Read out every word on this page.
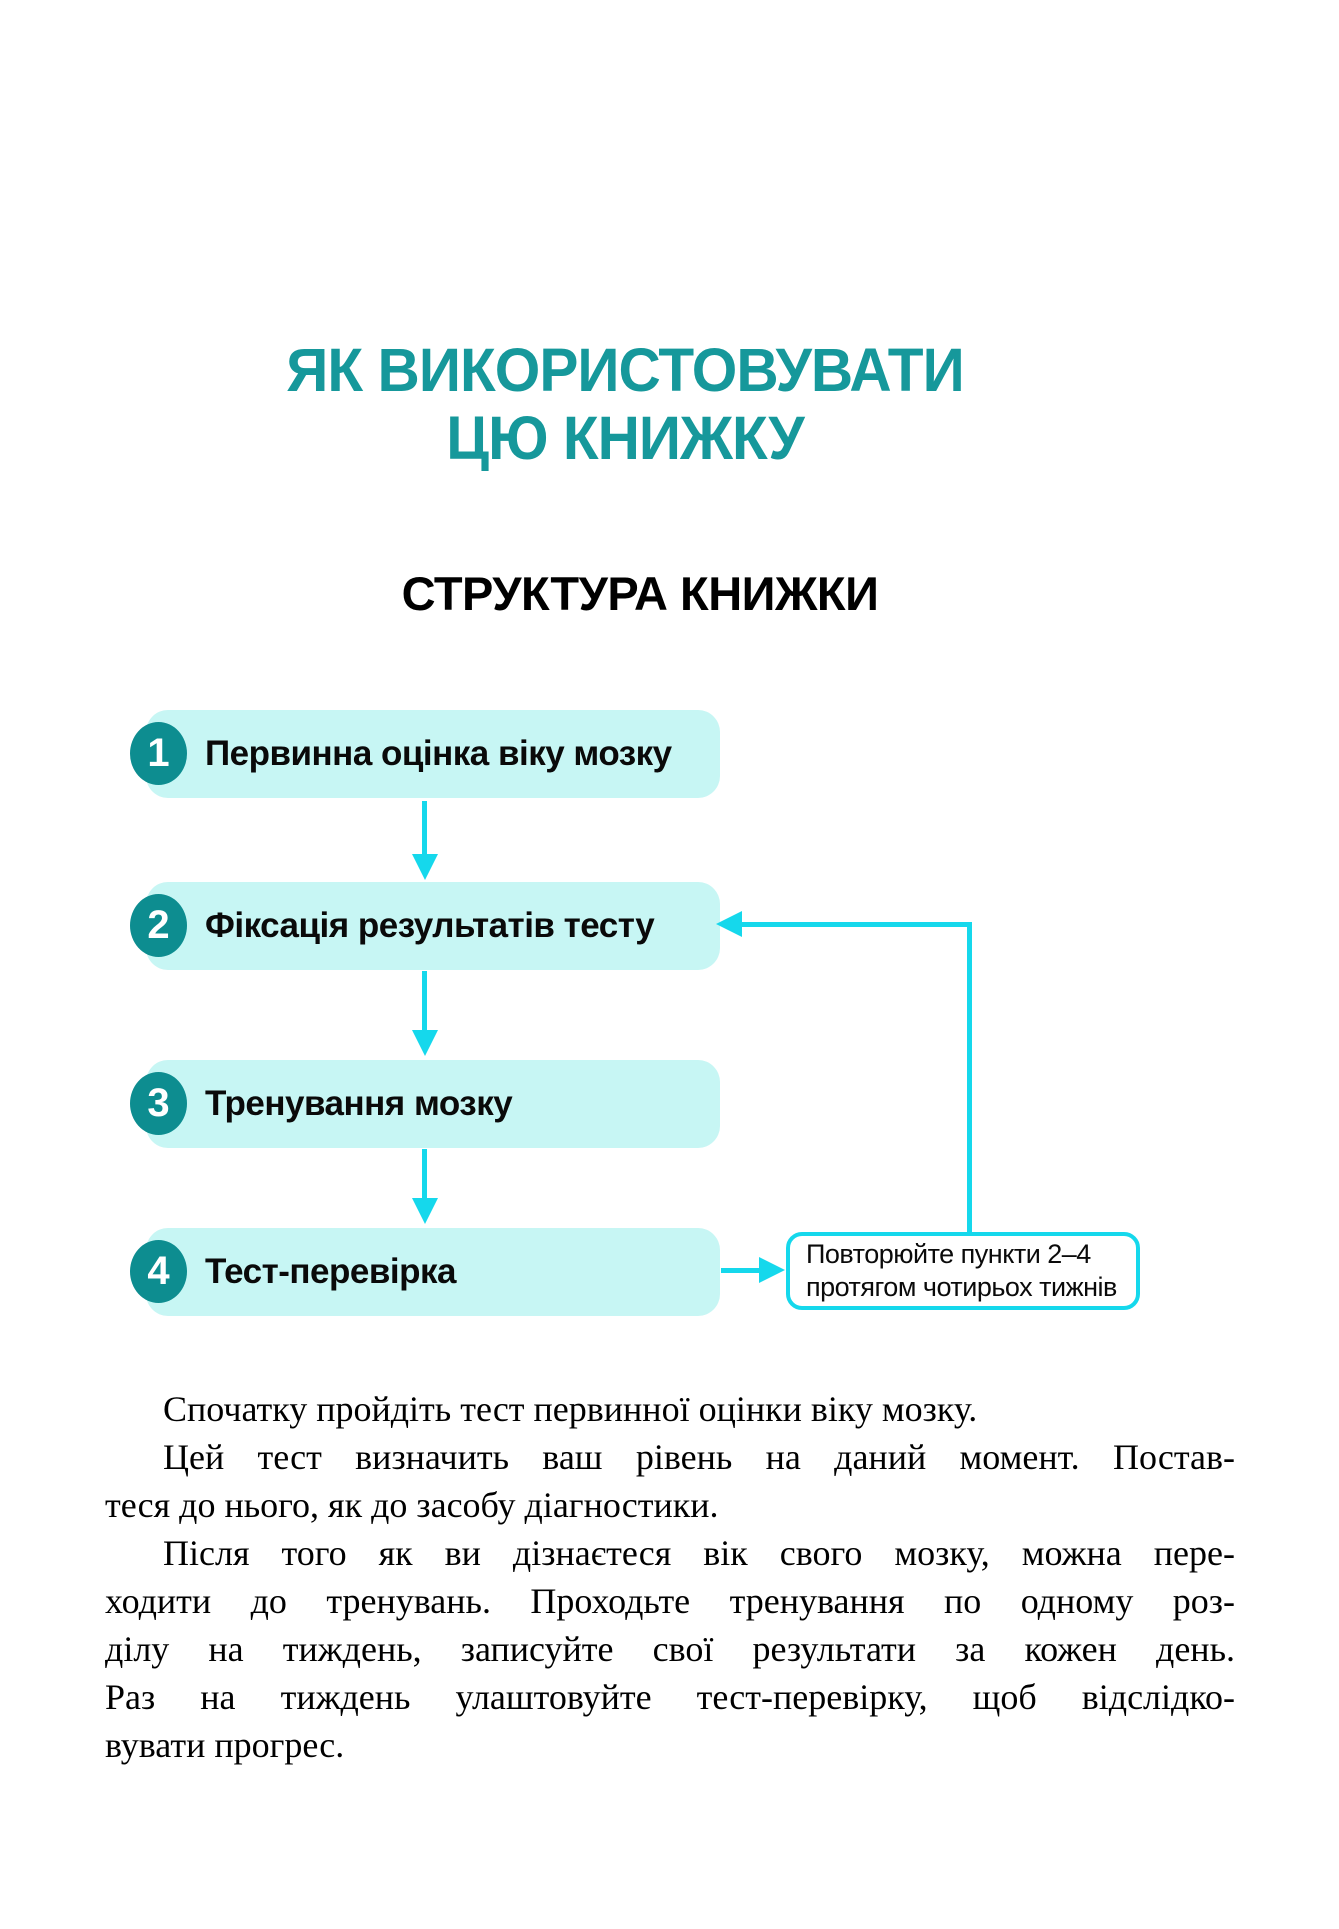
ЯК ВИКОРИСТОВУВАТИ
ЦЮ КНИЖКУ
СТРУКТУРА КНИЖКИ
1	Первинна оцінка віку мозку
2	Фіксація результатів тесту
3	Тренування мозку
4	Тест-перевірка	Повторюйте пункти 2–4
протягом чотирьох тижнів
Спочатку пройдіть тест первинної оцінки віку мозку.
Цей тест визначить ваш рівень на даний момент. Постав-
теся до нього, як до засобу діагностики.
Після того як ви дізнаєтеся вік свого мозку, можна пере-
ходити до тренувань. Проходьте тренування по одному роз-
ділу на тиждень, записуйте свої результати за кожен день.
Раз на тиждень улаштовуйте тест-перевірку, щоб відслідко-
вувати прогрес.
